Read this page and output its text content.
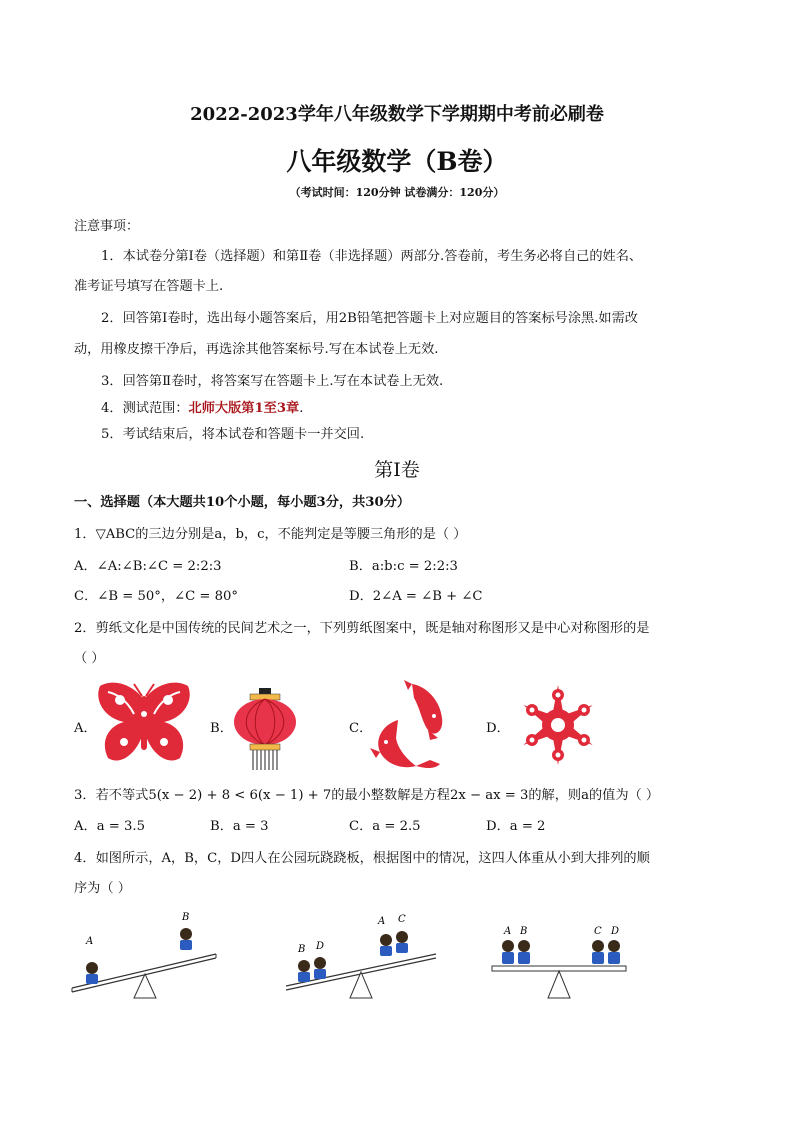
2022-2023学年八年级数学下学期期中考前必刷卷
八年级数学（B卷）
（考试时间：120分钟 试卷满分：120分）
注意事项：
1．本试卷分第Ⅰ卷（选择题）和第Ⅱ卷（非选择题）两部分.答卷前，考生务必将自己的姓名、
准考证号填写在答题卡上.
2．回答第Ⅰ卷时，选出每小题答案后，用2B铅笔把答题卡上对应题目的答案标号涂黑.如需改
动，用橡皮擦干净后，再选涂其他答案标号.写在本试卷上无效.
3．回答第Ⅱ卷时，将答案写在答题卡上.写在本试卷上无效.
4．测试范围：北师大版第1至3章.
5．考试结束后，将本试卷和答题卡一并交回.
第Ⅰ卷
一、选择题（本大题共10个小题，每小题3分，共30分）
1．▽ABC的三边分别是a，b，c，不能判定是等腰三角形的是（ ）
A．∠A:∠B:∠C = 2:2:3	B．a:b:c = 2:2:3
C．∠B = 50°，∠C = 80°	D．2∠A = ∠B + ∠C
2．剪纸文化是中国传统的民间艺术之一，下列剪纸图案中，既是轴对称图形又是中心对称图形的是
（ ）
A．	B．	C．	D．
3．若不等式5(x − 2) + 8 < 6(x − 1) + 7的最小整数解是方程2x − ax = 3的解，则a的值为（ ）
A．a = 3.5	B．a = 3	C．a = 2.5	D．a = 2
4．如图所示，A，B，C，D四人在公园玩跷跷板，根据图中的情况，这四人体重从小到大排列的顺
序为（ ）
A
B
B D
A C
A B	C D
